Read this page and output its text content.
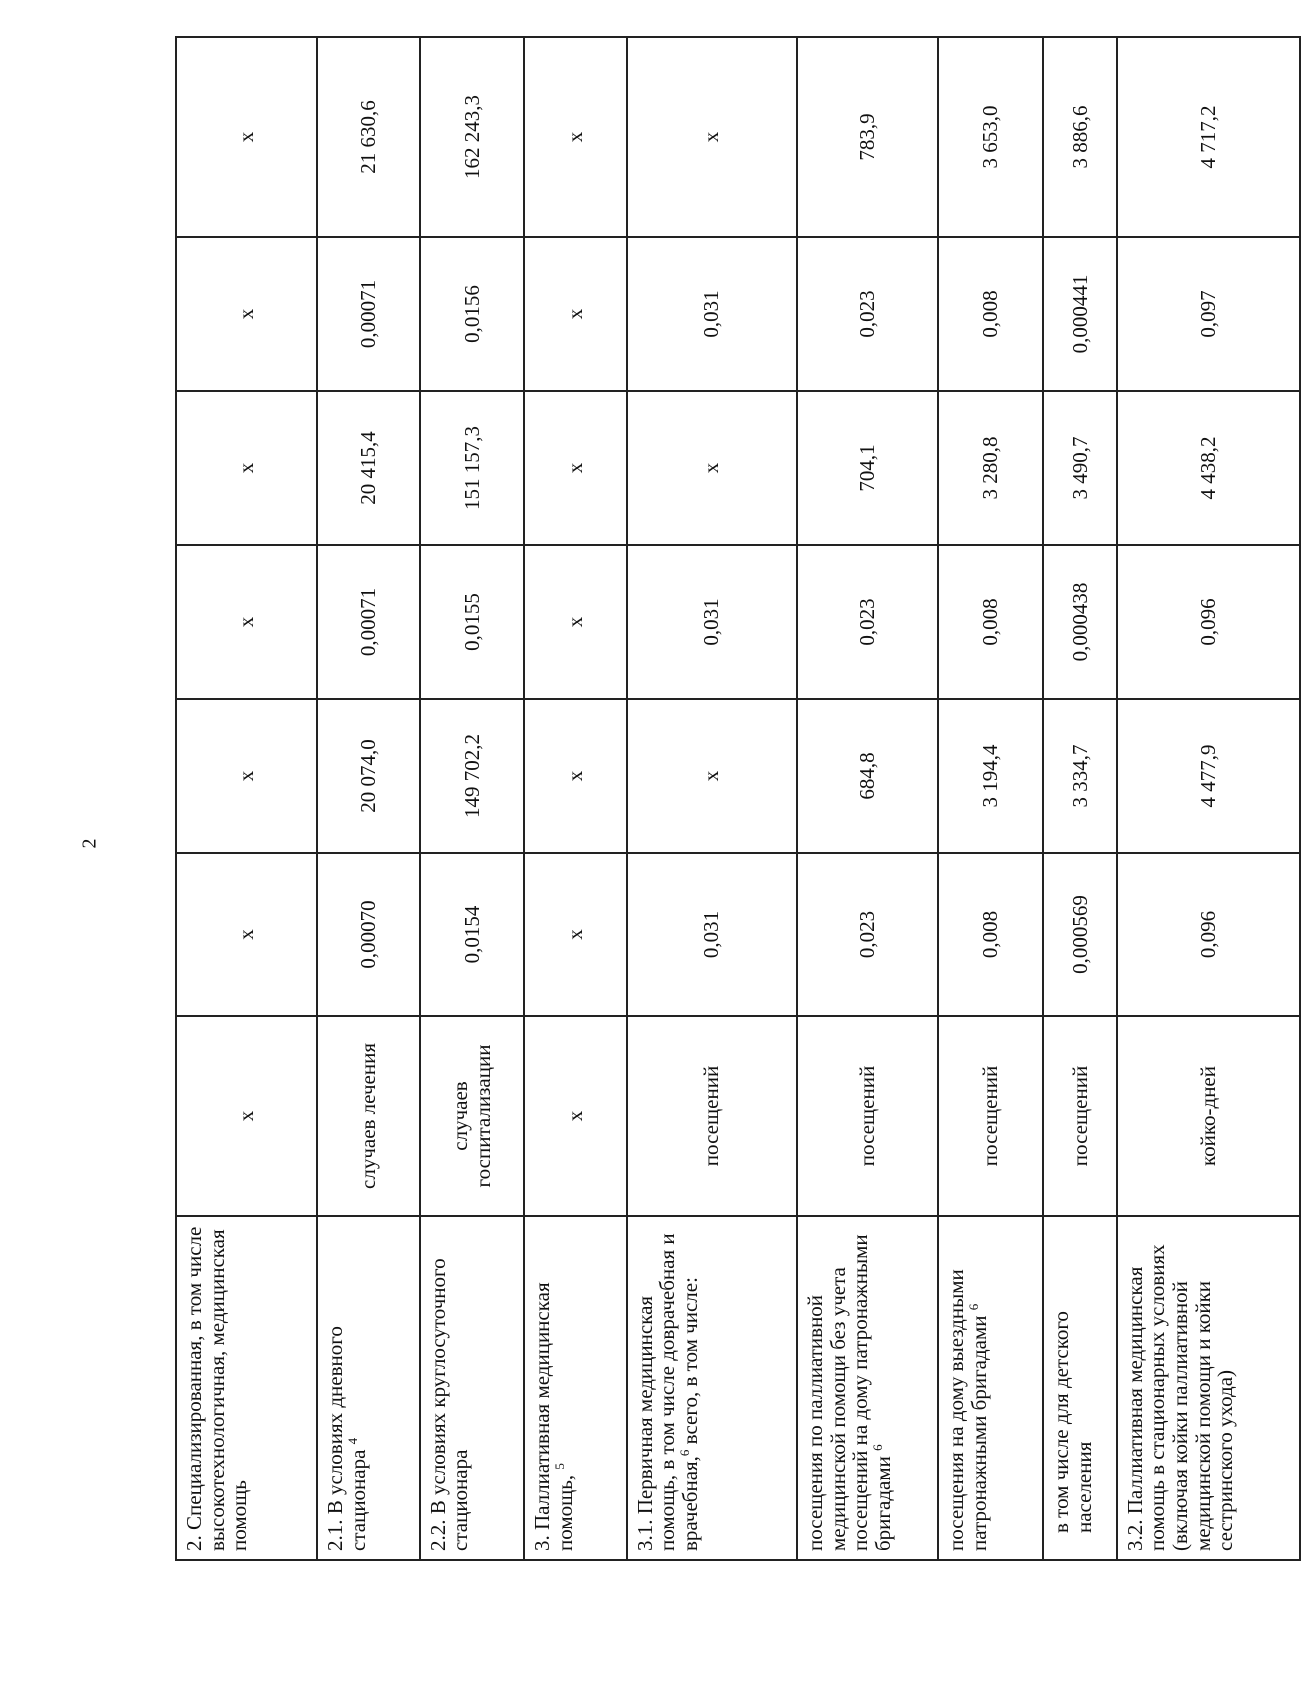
2
2. Специализированная, в том числе высокотехнологичная, медицинская помощь	х	х	х	х	х	х	х
2.1. В условиях дневного стационара $^4$	случаев лечения	0,00070	20 074,0	0,00071	20 415,4	0,00071	21 630,6
2.2. В условиях круглосуточного стационара	случаев госпитализации	0,0154	149 702,2	0,0155	151 157,3	0,0156	162 243,3
3. Паллиативная медицинская помощь, $^5$	х	х	х	х	х	х	х
3.1. Первичная медицинская помощь, в том числе доврачебная и врачебная,$^6$ всего, в том числе:	посещений	0,031	х	0,031	х	0,031	х
посещения по паллиативной медицинской помощи без учета посещений на дому патронажными бригадами $^6$	посещений	0,023	684,8	0,023	704,1	0,023	783,9
посещения на дому выездными патронажными бригадами $^6$	посещений	0,008	3 194,4	0,008	3 280,8	0,008	3 653,0
в том числе для детского населения	посещений	0,000569	3 334,7	0,000438	3 490,7	0,000441	3 886,6
3.2. Паллиативная медицинская помощь в стационарных условиях (включая койки паллиативной медицинской помощи и койки сестринского ухода)	койко-дней	0,096	4 477,9	0,096	4 438,2	0,097	4 717,2
